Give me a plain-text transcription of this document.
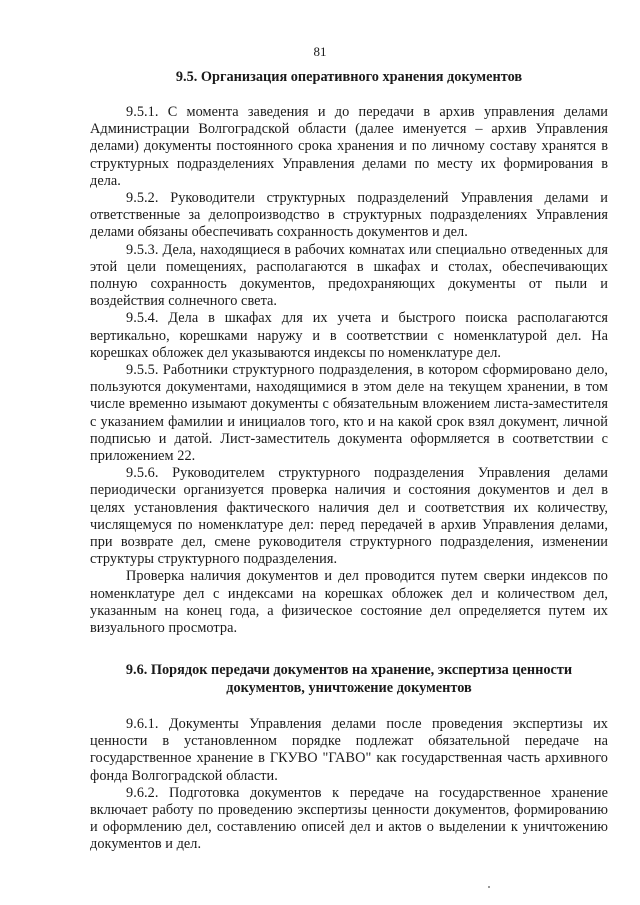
81
9.5. Организация оперативного хранения документов

9.5.1. С момента заведения и до передачи в архив управления делами Администрации Волгоградской области (далее именуется – архив Управления делами) документы постоянного срока хранения и по личному составу хранятся в структурных подразделениях Управления делами по месту их формирования в дела.

9.5.2. Руководители структурных подразделений Управления делами и ответственные за делопроизводство в структурных подразделениях Управления делами обязаны обеспечивать сохранность документов и дел.

9.5.3. Дела, находящиеся в рабочих комнатах или специально отведенных для этой цели помещениях, располагаются в шкафах и столах, обеспечивающих полную сохранность документов, предохраняющих документы от пыли и воздействия солнечного света.

9.5.4. Дела в шкафах для их учета и быстрого поиска располагаются вертикально, корешками наружу и в соответствии с номенклатурой дел. На корешках обложек дел указываются индексы по номенклатуре дел.

9.5.5. Работники структурного подразделения, в котором сформировано дело, пользуются документами, находящимися в этом деле на текущем хранении, в том числе временно изымают документы с обязательным вложением листа-заместителя с указанием фамилии и инициалов того, кто и на какой срок взял документ, личной подписью и датой. Лист-заместитель документа оформляется в соответствии с приложением 22.

9.5.6. Руководителем структурного подразделения Управления делами периодически организуется проверка наличия и состояния документов и дел в целях установления фактического наличия дел и соответствия их количеству, числящемуся по номенклатуре дел: перед передачей в архив Управления делами, при возврате дел, смене руководителя структурного подразделения, изменении структуры структурного подразделения.

Проверка наличия документов и дел проводится путем сверки индексов по номенклатуре дел с индексами на корешках обложек дел и количеством дел, указанным на конец года, а физическое состояние дел определяется путем их визуального просмотра.

9.6. Порядок передачи документов на хранение, экспертиза ценности
документов, уничтожение документов

9.6.1. Документы Управления делами после проведения экспертизы их ценности в установленном порядке подлежат обязательной передаче на государственное хранение в ГКУВО "ГАВО" как государственная часть архивного фонда Волгоградской области.

9.6.2. Подготовка документов к передаче на государственное хранение включает работу по проведению экспертизы ценности документов, формированию и оформлению дел, составлению описей дел и актов о выделении к уничтожению документов и дел.
